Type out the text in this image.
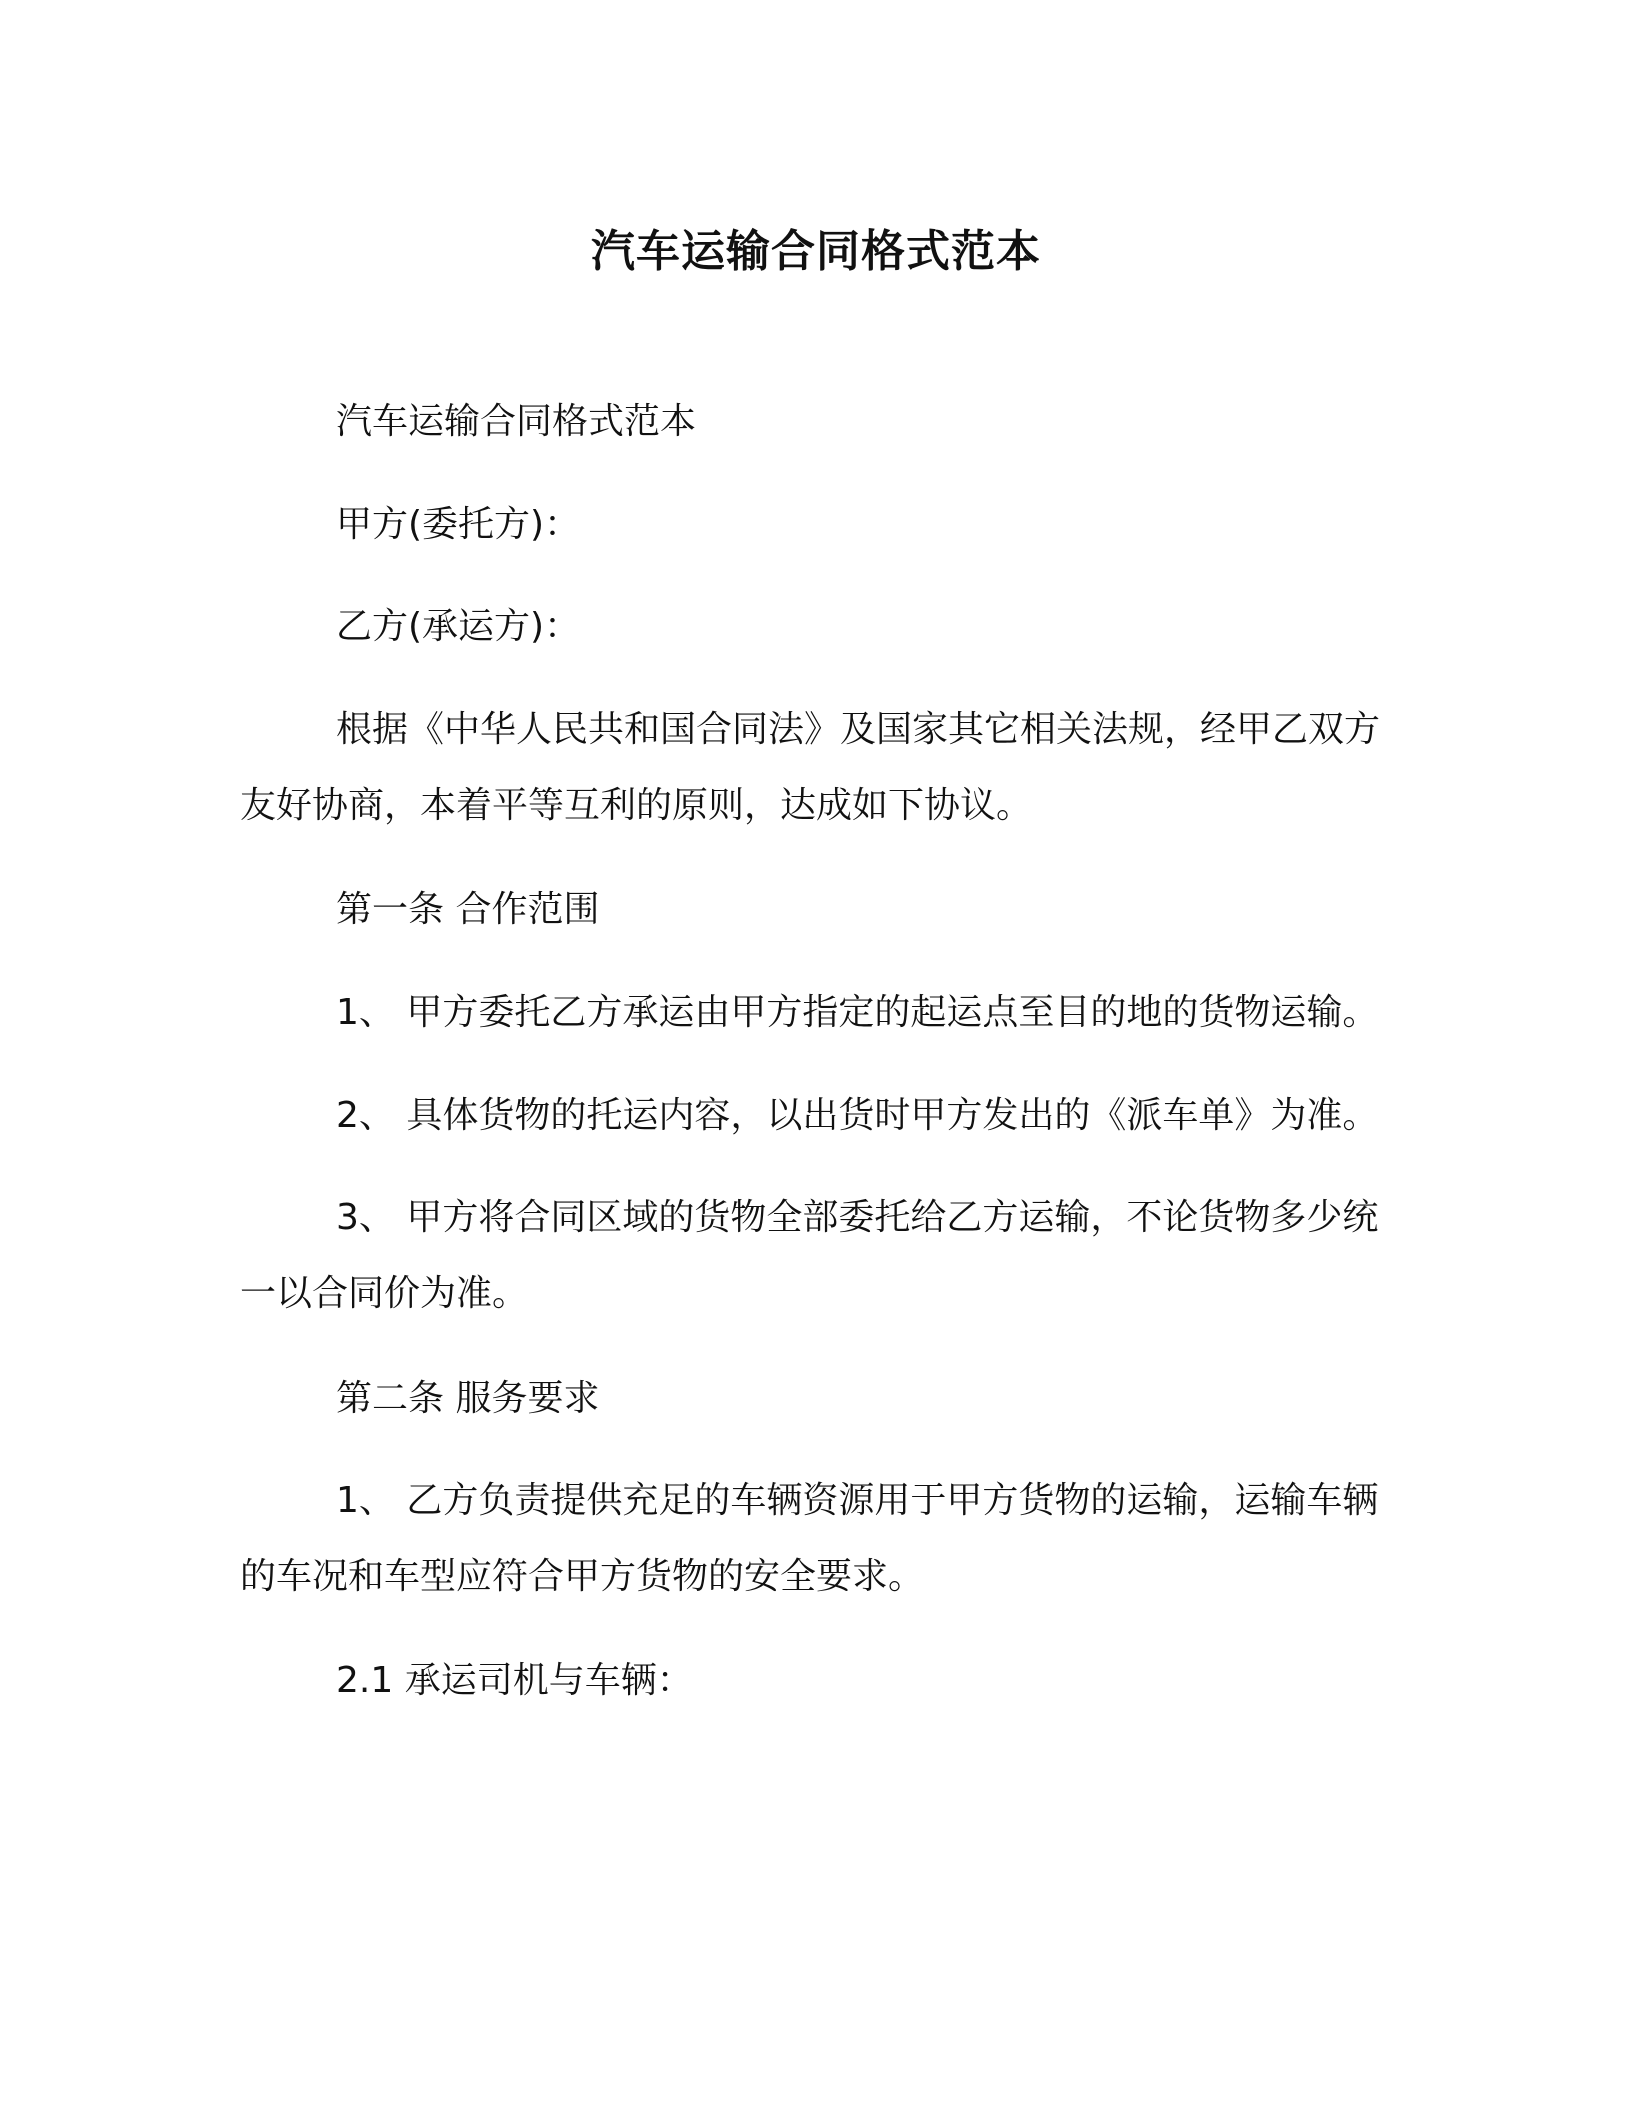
汽车运输合同格式范本
汽车运输合同格式范本
甲方(委托方)：
乙方(承运方)：
根据《中华人民共和国合同法》及国家其它相关法规，经甲乙双方友好协商，本着平等互利的原则，达成如下协议。
第一条 合作范围
1、 甲方委托乙方承运由甲方指定的起运点至目的地的货物运输。
2、 具体货物的托运内容，以出货时甲方发出的《派车单》为准。
3、 甲方将合同区域的货物全部委托给乙方运输，不论货物多少统一以合同价为准。
第二条 服务要求
1、 乙方负责提供充足的车辆资源用于甲方货物的运输，运输车辆的车况和车型应符合甲方货物的安全要求。
2.1 承运司机与车辆：
